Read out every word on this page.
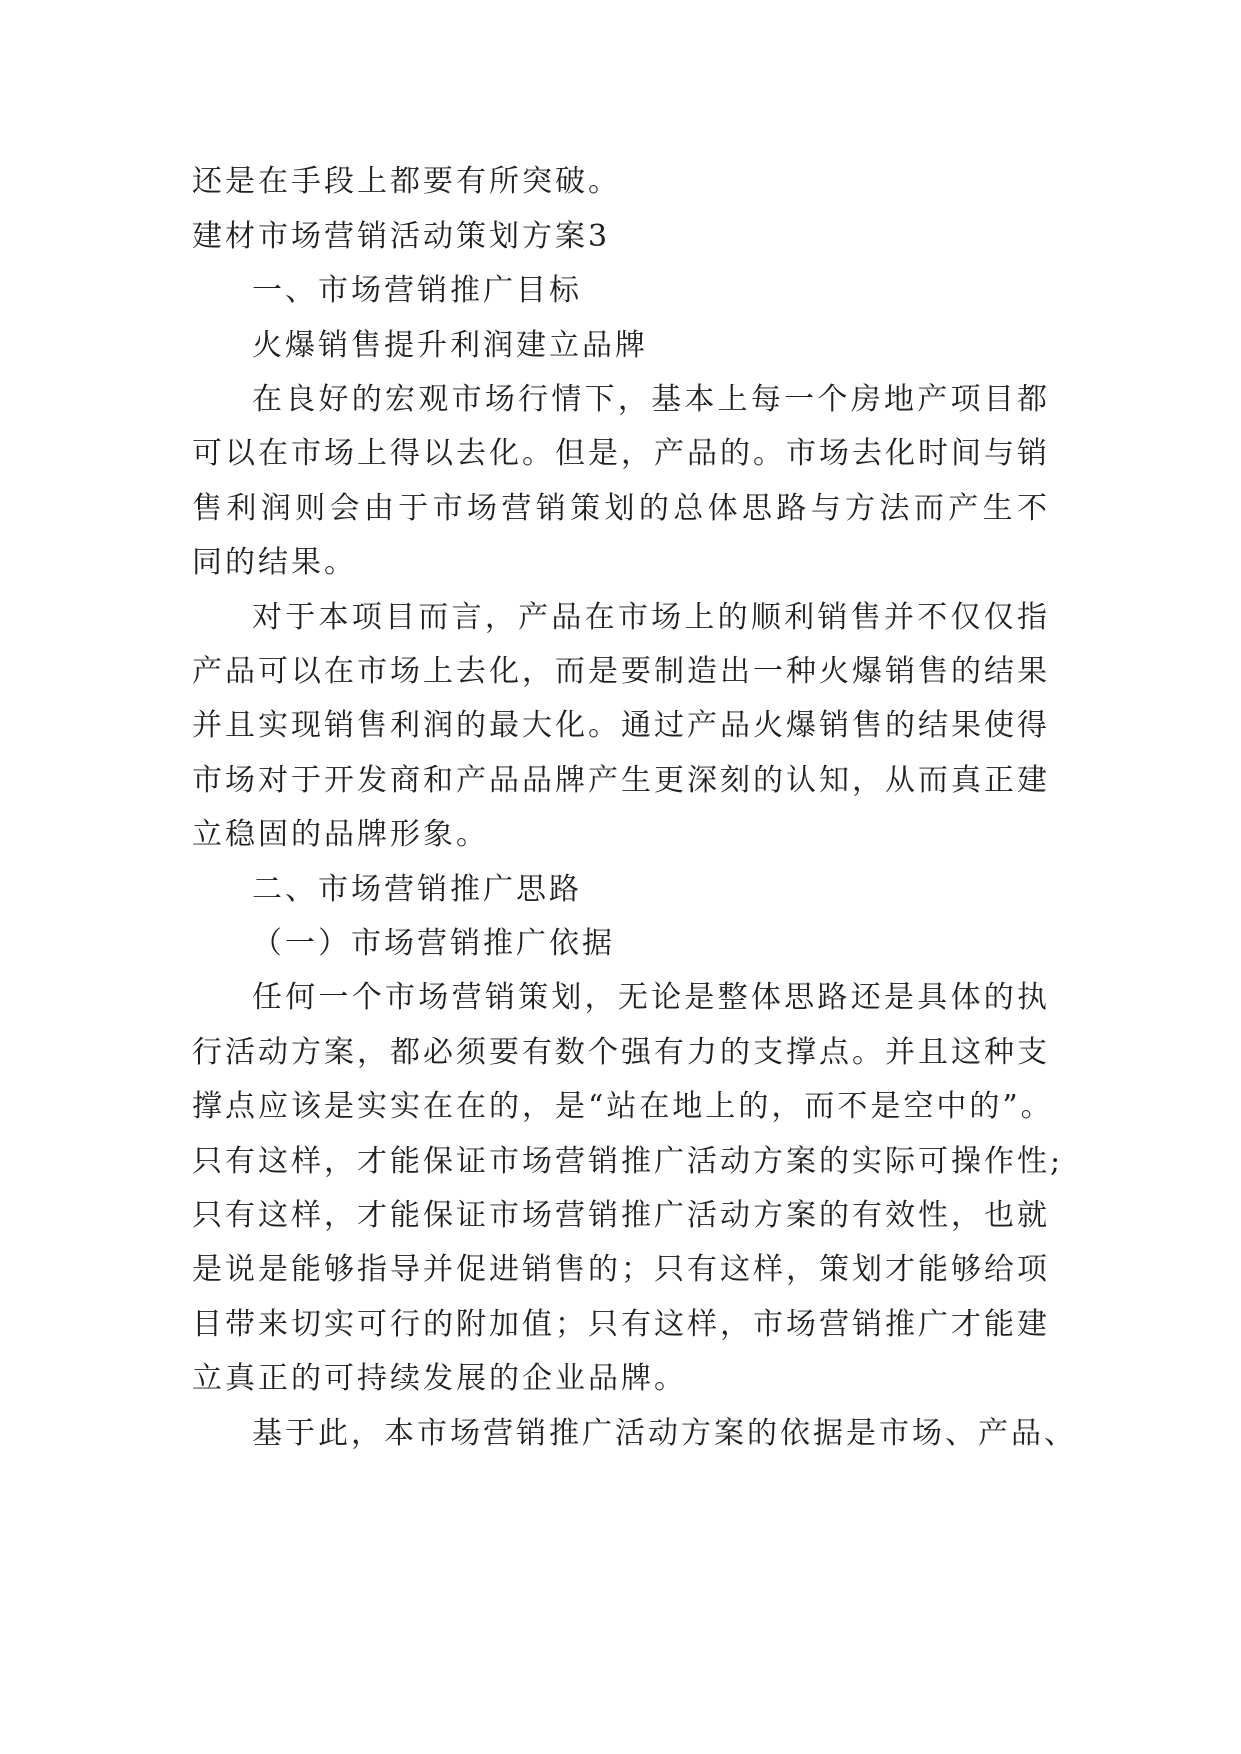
还是在手段上都要有所突破。
建材市场营销活动策划方案3
一、市场营销推广目标
火爆销售提升利润建立品牌
在良好的宏观市场行情下，基本上每一个房地产项目都
可以在市场上得以去化。但是，产品的。市场去化时间与销
售利润则会由于市场营销策划的总体思路与方法而产生不
同的结果。
对于本项目而言，产品在市场上的顺利销售并不仅仅指
产品可以在市场上去化，而是要制造出一种火爆销售的结果
并且实现销售利润的最大化。通过产品火爆销售的结果使得
市场对于开发商和产品品牌产生更深刻的认知，从而真正建
立稳固的品牌形象。
二、市场营销推广思路
（一）市场营销推广依据
任何一个市场营销策划，无论是整体思路还是具体的执
行活动方案，都必须要有数个强有力的支撑点。并且这种支
撑点应该是实实在在的，是“站在地上的，而不是空中的”。
只有这样，才能保证市场营销推广活动方案的实际可操作性;
只有这样，才能保证市场营销推广活动方案的有效性，也就
是说是能够指导并促进销售的；只有这样，策划才能够给项
目带来切实可行的附加值；只有这样，市场营销推广才能建
立真正的可持续发展的企业品牌。
基于此，本市场营销推广活动方案的依据是市场、产品、
